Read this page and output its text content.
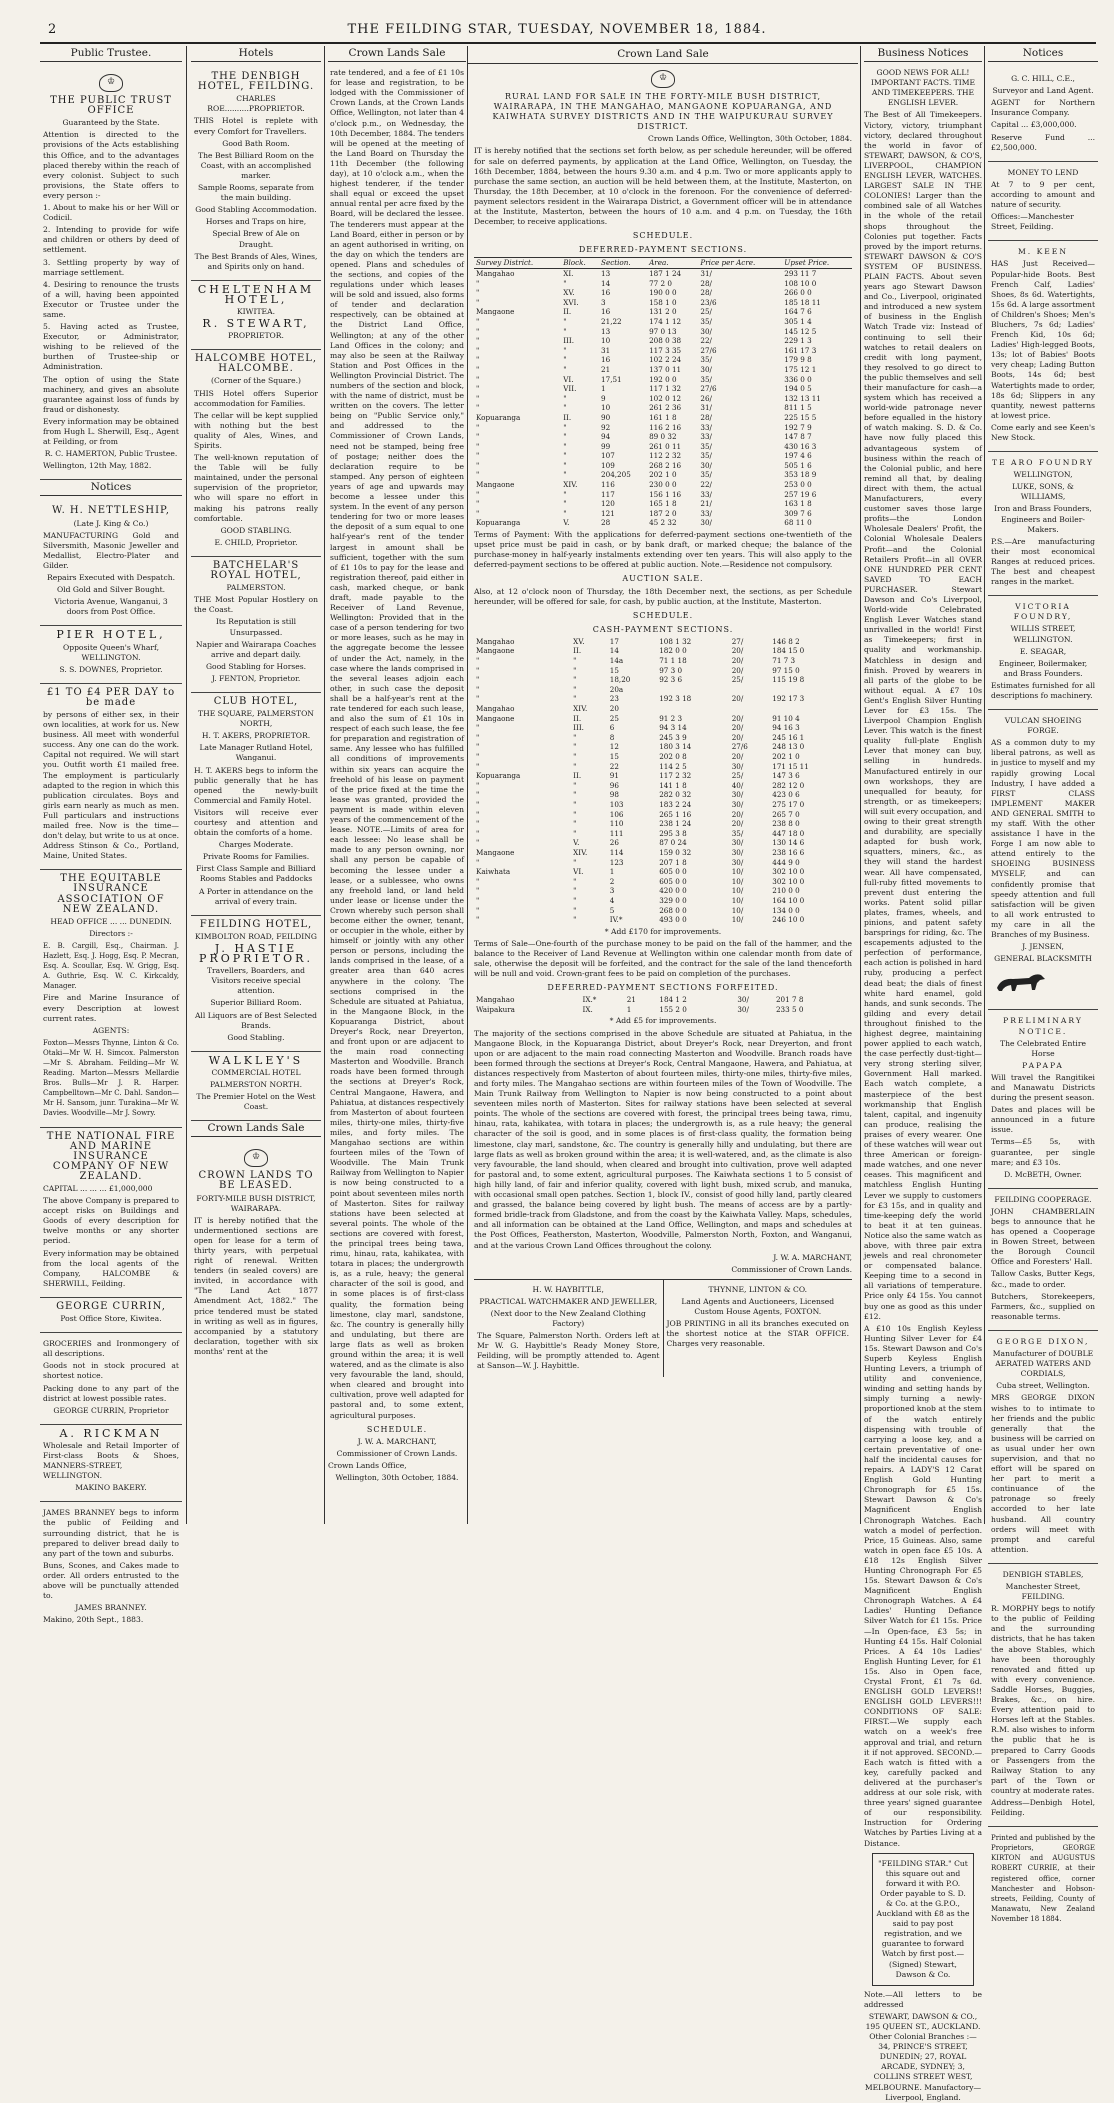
2	THE FEILDING STAR, TUESDAY, NOVEMBER 18, 1884.
Public Trustee.
♔
THE PUBLIC TRUST OFFICE

Guaranteed by the State.

Attention is directed to the provisions of the Acts establishing this Office, and to the advantages placed thereby within the reach of every colonist. Subject to such provisions, the State offers to every person :-

1. About to make his or her Will or Codicil.

2. Intending to provide for wife and children or others by deed of settlement.

3. Settling property by way of marriage settlement.

4. Desiring to renounce the trusts of a will, having been appointed Executor or Trustee under the same.

5. Having acted as Trustee, Executor, or Administrator, wishing to be relieved of the burthen of Trustee-ship or Administration.

The option of using the State machinery, and gives an absolute guarantee against loss of funds by fraud or dishonesty.

Every information may be obtained from Hugh L. Sherwill, Esq., Agent at Feilding, or from

R. C. HAMERTON, Public Trustee.

Wellington, 12th May, 1882.

Notices
W. H. NETTLESHIP,

(Late J. King & Co.)

MANUFACTURING Gold and Silversmith, Masonic Jeweller and Medallist, Electro-Plater and Gilder.

Repairs Executed with Despatch.

Old Gold and Silver Bought.

Victoria Avenue, Wanganui, 3 doors from Post Office.

PIER HOTEL,

Opposite Queen's Wharf, WELLINGTON.

S. S. DOWNES, Proprietor.

£1 TO £4 PER DAY to be made

by persons of either sex, in their own localities, at work for us. New business. All meet with wonderful success. Any one can do the work. Capital not required. We will start you. Outfit worth £1 mailed free. The employment is particularly adapted to the region in which this publication circulates. Boys and girls earn nearly as much as men. Full particulars and instructions mailed free. Now is the time—don't delay, but write to us at once. Address Stinson & Co., Portland, Maine, United States.

THE EQUITABLE INSURANCE ASSOCIATION OF NEW ZEALAND.

HEAD OFFICE ... ... DUNEDIN.

Directors :-

E. B. Cargill, Esq., Chairman. J. Hazlett, Esq. J. Hogg, Esq. P. Mecran, Esq. A. Scoullar, Esq. W. Grigg, Esq. A. Guthrie, Esq. W. C. Kirkcaldy, Manager.

Fire and Marine Insurance of every Description at lowest current rates.

AGENTS:

Foxton—Messrs Thynne, Linton & Co. Otaki—Mr W. H. Simcox. Palmerston—Mr S. Abraham. Feilding—Mr W. Reading. Marton—Messrs Mellardie Bros. Bulls—Mr J. R. Harper. Campbelltown—Mr C. Dahl. Sandon—Mr H. Sansom, junr. Turakina—Mr W. Davies. Woodville—Mr J. Sowry.

THE NATIONAL FIRE AND MARINE INSURANCE COMPANY OF NEW ZEALAND.

CAPITAL ... ... ... £1,000,000

The above Company is prepared to accept risks on Buildings and Goods of every description for twelve months or any shorter period.

Every information may be obtained from the local agents of the Company, HALCOMBE & SHERWILL, Feilding.

GEORGE CURRIN,

Post Office Store, Kiwitea.

GROCERIES and Ironmongery of all descriptions.

Goods not in stock procured at shortest notice.

Packing done to any part of the district at lowest possible rates.

GEORGE CURRIN, Proprietor

A. RICKMAN

Wholesale and Retail Importer of First-class Boots & Shoes, MANNERS-STREET, WELLINGTON.

MAKINO BAKERY.

JAMES BRANNEY begs to inform the public of Feilding and surrounding district, that he is prepared to deliver bread daily to any part of the town and suburbs.

Buns, Scones, and Cakes made to order. All orders entrusted to the above will be punctually attended to.

JAMES BRANNEY.

Makino, 20th Sept., 1883.

Hotels
THE DENBIGH HOTEL, FEILDING.

CHARLES ROE..........PROPRIETOR.

THIS Hotel is replete with every Comfort for Travellers.

Good Bath Room.

The Best Billiard Room on the Coast, with an accomplished marker.

Sample Rooms, separate from the main building.

Good Stabling Accommodation.

Horses and Traps on hire,

Special Brew of Ale on Draught.

The Best Brands of Ales, Wines, and Spirits only on hand.

CHELTENHAM HOTEL,

KIWITEA.

R. STEWART,

PROPRIETOR.

HALCOMBE HOTEL, HALCOMBE.

(Corner of the Square.)

THIS Hotel offers Superior accommodation for Families.

The cellar will be kept supplied with nothing but the best quality of Ales, Wines, and Spirits.

The well-known reputation of the Table will be fully maintained, under the personal supervision of the proprietor, who will spare no effort in making his patrons really comfortable.

GOOD STABLING.

E. CHILD, Proprietor.

BATCHELAR'S ROYAL HOTEL,

PALMERSTON.

THE Most Popular Hostlery on the Coast.

Its Reputation is still Unsurpassed.

Napier and Wairarapa Coaches arrive and depart daily.

Good Stabling for Horses.

J. FENTON, Proprietor.

CLUB HOTEL,

THE SQUARE, PALMERSTON NORTH,

H. T. AKERS, PROPRIETOR.

Late Manager Rutland Hotel, Wanganui.

H. T. AKERS begs to inform the public generally that he has opened the newly-built Commercial and Family Hotel.

Visitors will receive ever courtesy and attention and obtain the comforts of a home.

Charges Moderate.

Private Rooms for Families.

First Class Sample and Billiard Rooms Stables and Paddocks

A Porter in attendance on the arrival of every train.

FEILDING HOTEL,

KIMBOLTON ROAD, FEILDING

J. HASTIE
PROPRIETOR.

Travellers, Boarders, and Visitors receive special attention.

Superior Billiard Room.

All Liquors are of Best Selected Brands.

Good Stabling.

WALKLEY'S

COMMERCIAL HOTEL

PALMERSTON NORTH.

The Premier Hotel on the West Coast.

Crown Lands Sale
♔
CROWN LANDS TO BE LEASED.

FORTY-MILE BUSH DISTRICT, WAIRARAPA.

IT is hereby notified that the undermentioned sections are open for lease for a term of thirty years, with perpetual right of renewal. Written tenders (in sealed covers) are invited, in accordance with "The Land Act 1877 Amendment Act, 1882." The price tendered must be stated in writing as well as in figures, accompanied by a statutory declaration, together with six months' rent at the

Crown Lands Sale

rate tendered, and a fee of £1 10s for lease and registration, to be lodged with the Commissioner of Crown Lands, at the Crown Lands Office, Wellington, not later than 4 o'clock p.m., on Wednesday, the 10th December, 1884. The tenders will be opened at the meeting of the Land Board on Thursday the 11th December (the following day), at 10 o'clock a.m., when the highest tenderer, if the tender shall equal or exceed the upset annual rental per acre fixed by the Board, will be declared the lessee. The tenderers must appear at the Land Board, either in person or by an agent authorised in writing, on the day on which the tenders are opened. Plans and schedules of the sections, and copies of the regulations under which leases will be sold and issued, also forms of tender and declaration respectively, can be obtained at the District Land Office, Wellington; at any of the other Land Offices in the colony; and may also be seen at the Railway Station and Post Offices in the Wellington Provincial District. The numbers of the section and block, with the name of district, must be written on the covers. The letter being on "Public Service only," and addressed to the Commissioner of Crown Lands, need not be stamped, being free of postage; neither does the declaration require to be stamped. Any person of eighteen years of age and upwards may become a lessee under this system. In the event of any person tendering for two or more leases the deposit of a sum equal to one half-year's rent of the tender largest in amount shall be sufficient, together with the sum of £1 10s to pay for the lease and registration thereof, paid either in cash, marked cheque, or bank draft, made payable to the Receiver of Land Revenue, Wellington: Provided that in the case of a person tendering for two or more leases, such as he may in the aggregate become the lessee of under the Act, namely, in the case where the lands comprised in the several leases adjoin each other, in such case the deposit shall be a half-year's rent at the rate tendered for each such lease, and also the sum of £1 10s in respect of each such lease, the fee for preparation and registration of same. Any lessee who has fulfilled all conditions of improvements within six years can acquire the freehold of his lease on payment of the price fixed at the time the lease was granted, provided the payment is made within eleven years of the commencement of the lease. NOTE.—Limits of area for each lessee: No lease shall be made to any person owning, nor shall any person be capable of becoming the lessee under a lease, or a sublessee, who owns any freehold land, or land held under lease or license under the Crown whereby such person shall become either the owner, tenant, or occupier in the whole, either by himself or jointly with any other person or persons, including the lands comprised in the lease, of a greater area than 640 acres anywhere in the colony. The sections comprised in the Schedule are situated at Pahiatua, in the Mangaone Block, in the Kopuaranga District, about Dreyer's Rock, near Dreyerton, and front upon or are adjacent to the main road connecting Masterton and Woodville. Branch roads have been formed through the sections at Dreyer's Rock, Central Mangaone, Hawera, and Pahiatua, at distances respectively from Masterton of about fourteen miles, thirty-one miles, thirty-five miles, and forty miles. The Mangahao sections are within fourteen miles of the Town of Woodville. The Main Trunk Railway from Wellington to Napier is now being constructed to a point about seventeen miles north of Masterton. Sites for railway stations have been selected at several points. The whole of the sections are covered with forest, the principal trees being tawa, rimu, hinau, rata, kahikatea, with totara in places; the undergrowth is, as a rule, heavy; the general character of the soil is good, and in some places is of first-class quality, the formation being limestone, clay marl, sandstone, &c. The country is generally hilly and undulating, but there are large flats as well as broken ground within the area; it is well watered, and as the climate is also very favourable the land, should, when cleared and brought into cultivation, prove well adapted for pastoral and, to some extent, agricultural purposes.

SCHEDULE.

J. W. A. MARCHANT,

Commissioner of Crown Lands.

Crown Lands Office,

Wellington, 30th October, 1884.

Crown Land Sale
♔

RURAL LAND FOR SALE IN THE FORTY-MILE BUSH DISTRICT, WAIRARAPA, IN THE MANGAHAO, MANGAONE KOPUARANGA, AND KAIWHATA SURVEY DISTRICTS AND IN THE WAIPUKURAU SURVEY DISTRICT.

Crown Lands Office, Wellington, 30th October, 1884.

IT is hereby notified that the sections set forth below, as per schedule hereunder, will be offered for sale on deferred payments, by application at the Land Office, Wellington, on Tuesday, the 16th December, 1884, between the hours 9.30 a.m. and 4 p.m. Two or more applicants apply to purchase the same section, an auction will be held between them, at the Institute, Masterton, on Thursday, the 18th December, at 10 o'clock in the forenoon. For the convenience of deferred-payment selectors resident in the Wairarapa District, a Government officer will be in attendance at the Institute, Masterton, between the hours of 10 a.m. and 4 p.m. on Tuesday, the 16th December, to receive applications.

SCHEDULE.

DEFERRED-PAYMENT SECTIONS.

Survey District.	Block.	Section.	Area.	Price per Acre.	Upset Price.
Mangahao	XI.	13	187 1 24	31/	293 11 7
"	"	14	77 2 0	28/	108 10 0
"	XV.	16	190 0 0	28/	266 0 0
"	XVI.	3	158 1 0	23/6	185 18 11
Mangaone	II.	16	131 2 0	25/	164 7 6
"	"	21,22	174 1 12	35/	305 1 4
"	"	13	97 0 13	30/	145 12 5
"	III.	10	208 0 38	22/	229 1 3
"	"	31	117 3 35	27/6	161 17 3
"	"	16	102 2 24	35/	179 9 8
"	"	21	137 0 11	30/	175 12 1
"	VI.	17,51	192 0 0	35/	336 0 0
"	VII.	1	117 1 32	27/6	194 0 5
"	"	9	102 0 12	26/	132 13 11
"	"	10	261 2 36	31/	811 1 5
Kopuaranga	II.	90	161 1 8	28/	225 15 5
"	"	92	116 2 16	33/	192 7 9
"	"	94	89 0 32	33/	147 8 7
"	"	99	261 0 11	35/	430 16 3
"	"	107	112 2 32	35/	197 4 6
"	"	109	268 2 16	30/	505 1 6
"	"	204,205	202 1 0	35/	353 18 9
Mangaone	XIV.	116	230 0 0	22/	253 0 0
"	"	117	156 1 16	33/	257 19 6
"	"	120	165 1 8	21/	163 1 8
"	"	121	187 2 0	33/	309 7 6
Kopuaranga	V.	28	45 2 32	30/	68 11 0

Terms of Payment: With the applications for deferred-payment sections one-twentieth of the upset price must be paid in cash, or by bank draft, or marked cheque; the balance of the purchase-money in half-yearly instalments extending over ten years. This will also apply to the deferred-payment sections to be offered at public auction. Note.—Residence not compulsory.

AUCTION SALE.

Also, at 12 o'clock noon of Thursday, the 18th December next, the sections, as per Schedule hereunder, will be offered for sale, for cash, by public auction, at the Institute, Masterton.

SCHEDULE.

CASH-PAYMENT SECTIONS.

Mangahao	XV.	17	108 1 32	27/	146 8 2
Mangaone	II.	14	182 0 0	20/	184 15 0
"	"	14a	71 1 18	20/	71 7 3
"	"	15	97 3 0	20/	97 15 0
"	"	18,20	92 3 6	25/	115 19 8
"	"	20a			
"	"	23	192 3 18	20/	192 17 3
Mangahao	XIV.	20			
Mangaone	II.	25	91 2 3	20/	91 10 4
"	III.	6	94 3 14	20/	94 16 3
"	"	8	245 3 9	20/	245 16 1
"	"	12	180 3 14	27/6	248 13 0
"	"	15	202 0 8	20/	202 1 0
"	"	22	114 2 5	30/	171 15 11
Kopuaranga	II.	91	117 2 32	25/	147 3 6
"	"	96	141 1 8	40/	282 12 0
"	"	98	282 0 32	30/	423 0 6
"	"	103	183 2 24	30/	275 17 0
"	"	106	265 1 16	20/	265 7 0
"	"	110	238 1 24	20/	238 8 0
"	"	111	295 3 8	35/	447 18 0
"	V.	26	87 0 24	30/	130 14 6
Mangaone	XIV.	114	159 0 32	30/	238 16 6
"	"	123	207 1 8	30/	444 9 0
Kaiwhata	VI.	1	605 0 0	10/	302 10 0
"	"	2	605 0 0	10/	302 10 0
"	"	3	420 0 0	10/	210 0 0
"	"	4	329 0 0	10/	164 10 0
"	"	5	268 0 0	10/	134 0 0
"	"	IV.*	493 0 0	10/	246 10 0

* Add £170 for improvements.

Terms of Sale—One-fourth of the purchase money to be paid on the fall of the hammer, and the balance to the Receiver of Land Revenue at Wellington within one calendar month from date of sale, otherwise the deposit will be forfeited, and the contract for the sale of the land thenceforth will be null and void. Crown-grant fees to be paid on completion of the purchases.

DEFERRED-PAYMENT SECTIONS FORFEITED.

Mangahao	IX.*	21	184 1 2	30/	201 7 8
Waipakura	IX.	1	155 2 0	30/	233 5 0

* Add £5 for improvements.

The majority of the sections comprised in the above Schedule are situated at Pahiatua, in the Mangaone Block, in the Kopuaranga District, about Dreyer's Rock, near Dreyerton, and front upon or are adjacent to the main road connecting Masterton and Woodville. Branch roads have been formed through the sections at Dreyer's Rock, Central Mangaone, Hawera, and Pahiatua, at distances respectively from Masterton of about fourteen miles, thirty-one miles, thirty-five miles, and forty miles. The Mangahao sections are within fourteen miles of the Town of Woodville. The Main Trunk Railway from Wellington to Napier is now being constructed to a point about seventeen miles north of Masterton. Sites for railway stations have been selected at several points. The whole of the sections are covered with forest, the principal trees being tawa, rimu, hinau, rata, kahikatea, with totara in places; the undergrowth is, as a rule heavy; the general character of the soil is good, and in some places is of first-class quality, the formation being limestone, clay marl, sandstone, &c. The country is generally hilly and undulating, but there are large flats as well as broken ground within the area; it is well-watered, and, as the climate is also very favourable, the land should, when cleared and brought into cultivation, prove well adapted for pastoral and, to some extent, agricultural purposes. The Kaiwhata sections 1 to 5 consist of high hilly land, of fair and inferior quality, covered with light bush, mixed scrub, and manuka, with occasional small open patches. Section 1, block IV., consist of good hilly land, partly cleared and grassed, the balance being covered by light bush. The means of access are by a partly-formed bridle-track from Gladstone, and from the coast by the Kaiwhata Valley. Maps, schedules, and all information can be obtained at the Land Office, Wellington, and maps and schedules at the Post Offices, Featherston, Masterton, Woodville, Palmerston North, Foxton, and Wanganui, and at the various Crown Land Offices throughout the colony.

J. W. A. MARCHANT,

Commissioner of Crown Lands.

H. W. HAYBITTLE,

PRACTICAL WATCHMAKER AND JEWELLER,

(Next door to the New Zealand Clothing Factory)

The Square, Palmerston North. Orders left at Mr W. G. Haybittle's Ready Money Store, Feilding, will be promptly attended to. Agent at Sanson—W. J. Haybittle.

THYNNE, LINTON & CO.

Land Agents and Auctioneers, Licensed Custom House Agents, FOXTON.

JOB PRINTING in all its branches executed on the shortest notice at the STAR OFFICE. Charges very reasonable.

Business Notices

GOOD NEWS FOR ALL! IMPORTANT FACTS. TIME AND TIMEKEEPERS. THE ENGLISH LEVER.

The Best of All Timekeepers. Victory, victory, triumphant victory, declared throughout the world in favor of STEWART, DAWSON, & CO'S, LIVERPOOL, CHAMPION ENGLISH LEVER, WATCHES. LARGEST SALE IN THE COLONIES! Larger than the combined sale of all Watches in the whole of the retail shops throughout the Colonies put together. Facts proved by the import returns. STEWART DAWSON & CO'S SYSTEM OF BUSINESS. PLAIN FACTS. About seven years ago Stewart Dawson and Co., Liverpool, originated and introduced a new system of business in the English Watch Trade viz: Instead of continuing to sell their watches to retail dealers on credit with long payment, they resolved to go direct to the public themselves and sell their manufacture for cash—a system which has received a world-wide patronage never before equalled in the history of watch making. S. D. & Co. have now fully placed this advantageous system of business within the reach of the Colonial public, and here remind all that, by dealing direct with them, the actual Manufacturers, every customer saves those large profits—the London Wholesale Dealers' Profit, the Colonial Wholesale Dealers Profit—and the Colonial Retailers Profit—in all OVER ONE HUNDRED PER CENT SAVED TO EACH PURCHASER. Stewart Dawson and Co's Liverpool, World-wide Celebrated English Lever Watches stand unrivalled in the world! First as Timekeepers; first in quality and workmanship. Matchless in design and finish. Proved by wearers in all parts of the globe to be without equal. A £7 10s Gent's English Silver Hunting Lever for £3 15s. The Liverpool Champion English Lever. This watch is the finest quality full-plate English Lever that money can buy, selling in hundreds. Manufactured entirely in our own workshops, they are unequalled for beauty, for strength, or as timekeepers; will suit every occupation, and owing to their great strength and durability, are specially adapted for bush work, squatters, miners, &c., as they will stand the hardest wear. All have compensated, full-ruby fitted movements to prevent dust entering the works. Patent solid pillar plates, frames, wheels, and pinions, and patent safety barsprings for riding, &c. The escapements adjusted to the perfection of performance, each action is polished in hard ruby, producing a perfect dead beat; the dials of finest white hard enamel, gold hands, and sunk seconds. The gilding and every detail throughout finished to the highest degree, maintaining power applied to each watch, the case perfectly dust-tight—very strong sterling silver, Government Hall marked. Each watch complete, a masterpiece of the best workmanship that English talent, capital, and ingenuity can produce, realising the praises of every wearer. One of these watches will wear out three American or foreign-made watches, and one never ceases. This magnificent and matchless English Hunting Lever we supply to customers for £3 15s, and in quality and time-keeping defy the world to beat it at ten guineas. Notice also the same watch as above, with three pair extra jewels and real chronometer or compensated balance. Keeping time to a second in all variations of temperature. Price only £4 15s. You cannot buy one as good as this under £12.

A £10 10s English Keyless Hunting Silver Lever for £4 15s. Stewart Dawson and Co's Superb Keyless English Hunting Levers, a triumph of utility and convenience, winding and setting hands by simply turning a newly-proportioned knob at the stem of the watch entirely dispensing with trouble of carrying a loose key, and a certain preventative of one-half the incidental causes for repairs. A LADY'S 12 Carat English Gold Hunting Chronograph for £5 15s. Stewart Dawson & Co's Magnificent English Chronograph Watches. Each watch a model of perfection. Price, 15 Guineas. Also, same watch in open face £5 10s. A £18 12s English Silver Hunting Chronograph For £5 15s. Stewart Dawson & Co's Magnificent English Chronograph Watches. A £4 Ladies' Hunting Defiance Silver Watch for £1 15s. Price—In Open-face, £3 5s; in Hunting £4 15s. Half Colonial Prices. A £4 10s Ladies' English Hunting Lever, for £1 15s. Also in Open face, Crystal Front, £1 7s 6d. ENGLISH GOLD LEVERS!! ENGLISH GOLD LEVERS!!! CONDITIONS OF SALE: FIRST.—We supply each watch on a week's free approval and trial, and return it if not approved. SECOND.—Each watch is fitted with a key, carefully packed and delivered at the purchaser's address at our sole risk, with three years' signed guarantee of our responsibility. Instruction for Ordering Watches by Parties Living at a Distance.

"FEILDING STAR." Cut this square out and forward it with P.O. Order payable to S. D. & Co. at the G.P.O., Auckland with £8 as the said to pay post registration, and we guarantee to forward Watch by first post.—(Signed) Stewart, Dawson & Co.

Note.—All letters to be addressed

STEWART, DAWSON & CO., 195 QUEEN ST., AUCKLAND. Other Colonial Branches :— 34, PRINCE'S STREET, DUNEDIN; 27, ROYAL ARCADE, SYDNEY; 3, COLLINS STREET WEST, MELBOURNE. Manufactory—Liverpool, England.

Notices

G. C. HILL, C.E.,

Surveyor and Land Agent.

AGENT for Northern Insurance Company.

Capital ... £3,000,000.

Reserve Fund ... £2,500,000.

MONEY TO LEND

At 7 to 9 per cent, according to amount and nature of security.

Offices:—Manchester Street, Feilding.

M. KEEN

HAS Just Received—Popular-hide Boots. Best French Calf, Ladies' Shoes, 8s 6d. Watertights, 15s 6d. A large assortment of Children's Shoes; Men's Bluchers, 7s 6d; Ladies' French Kid, 10s 6d; Ladies' High-legged Boots, 13s; lot of Babies' Boots very cheap; Lading Button Boots, 14s 6d; best Watertights made to order, 18s 6d; Slippers in any quantity, newest patterns at lowest price.

Come early and see Keen's New Stock.

TE ARO FOUNDRY

WELLINGTON,

LUKE, SONS, & WILLIAMS,

Iron and Brass Founders, Engineers and Boiler-Makers.

P.S.—Are manufacturing their most economical Ranges at reduced prices. The best and cheapest ranges in the market.

VICTORIA FOUNDRY,

WILLIS STREET, WELLINGTON.

E. SEAGAR,

Engineer, Boilermaker, and Brass Founders.

Estimates furnished for all descriptions fo machinery.

VULCAN SHOEING FORGE.

AS a common duty to my liberal patrons, as well as in justice to myself and my rapidly growing Local Industry, I have added a FIRST CLASS IMPLEMENT MAKER AND GENERAL SMITH to my staff. With the other assistance I have in the Forge I am now able to attend entirely to the SHOEING BUSINESS MYSELF, and can confidently promise that speedy attention and full satisfaction will be given to all work entrusted to my care in all the Branches of my Business.

J. JENSEN,

GENERAL BLACKSMITH

PRELIMINARY NOTICE.

The Celebrated Entire Horse

PAPAPA

Will travel the Rangitikei and Manawatu Districts during the present season.

Dates and places will be announced in a future issue.

Terms—£5 5s, with guarantee, per single mare; and £3 10s.

D. McBETH, Owner.

FEILDING COOPERAGE.

JOHN CHAMBERLAIN begs to announce that he has opened a Cooperage in Bowen Street, between the Borough Council Office and Foresters' Hall.

Tallow Casks, Butter Kegs, &c., made to order.

Butchers, Storekeepers, Farmers, &c., supplied on reasonable terms.

GEORGE DIXON,

Manufacturer of DOUBLE AERATED WATERS AND CORDIALS,

Cuba street, Wellington.

MRS GEORGE DIXON wishes to to intimate to her friends and the public generally that the business will be carried on as usual under her own supervision, and that no effort will be spared on her part to merit a continuance of the patronage so freely accorded to her late husband. All country orders will meet with prompt and careful attention.

DENBIGH STABLES,

Manchester Street, FEILDING.

R. MORPHY begs to notify to the public of Feilding and the surrounding districts, that he has taken the above Stables, which have been thoroughly renovated and fitted up with every convenience. Saddle Horses, Buggies, Brakes, &c., on hire. Every attention paid to Horses left at the Stables. R.M. also wishes to inform the public that he is prepared to Carry Goods or Passengers from the Railway Station to any part of the Town or country at moderate rates.

Address—Denbigh Hotel, Feilding.

Printed and published by the Proprietors, GEORGE KIRTON and AUGUSTUS ROBERT CURRIE, at their registered office, corner Manchester and Hobson-streets, Feilding, County of Manawatu, New Zealand November 18 1884.
